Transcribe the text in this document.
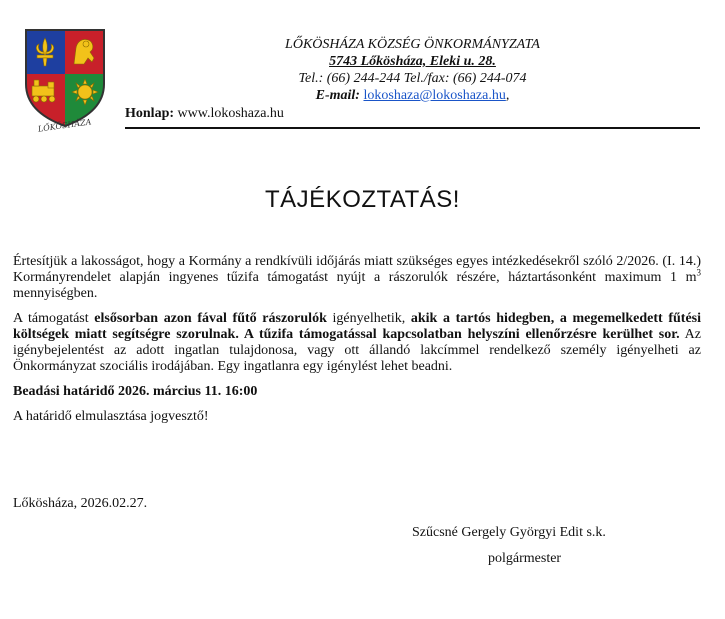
LŐKÖSHÁZA
LŐKÖSHÁZA KÖZSÉG ÖNKORMÁNYZATA
5743 Lőkösháza, Eleki u. 28.
Tel.: (66) 244-244 Tel./fax: (66) 244-074
E-mail: lokoshaza@lokoshaza.hu,
Honlap: www.lokoshaza.hu
TÁJÉKOZTATÁS!

Értesítjük a lakosságot, hogy a Kormány a rendkívüli időjárás miatt szükséges egyes intézkedésekről szóló 2/2026. (I. 14.) Kormányrendelet alapján ingyenes tűzifa támogatást nyújt a rászorulók részére, háztartásonként maximum 1 $m^3$ mennyiségben.

A támogatást elsősorban azon fával fűtő rászorulók igényelhetik, akik a tartós hidegben, a megemelkedett fűtési költségek miatt segítségre szorulnak. A tűzifa támogatással kapcsolatban helyszíni ellenőrzésre kerülhet sor. Az igénybejelentést az adott ingatlan tulajdonosa, vagy ott állandó lakcímmel rendelkező személy igényelheti az Önkormányzat szociális irodájában. Egy ingatlanra egy igénylést lehet beadni.

Beadási határidő 2026. március 11. 16:00

A határidő elmulasztása jogvesztő!

Lőkösháza, 2026.02.27.
Szűcsné Gergely Györgyi Edit s.k.
polgármester
